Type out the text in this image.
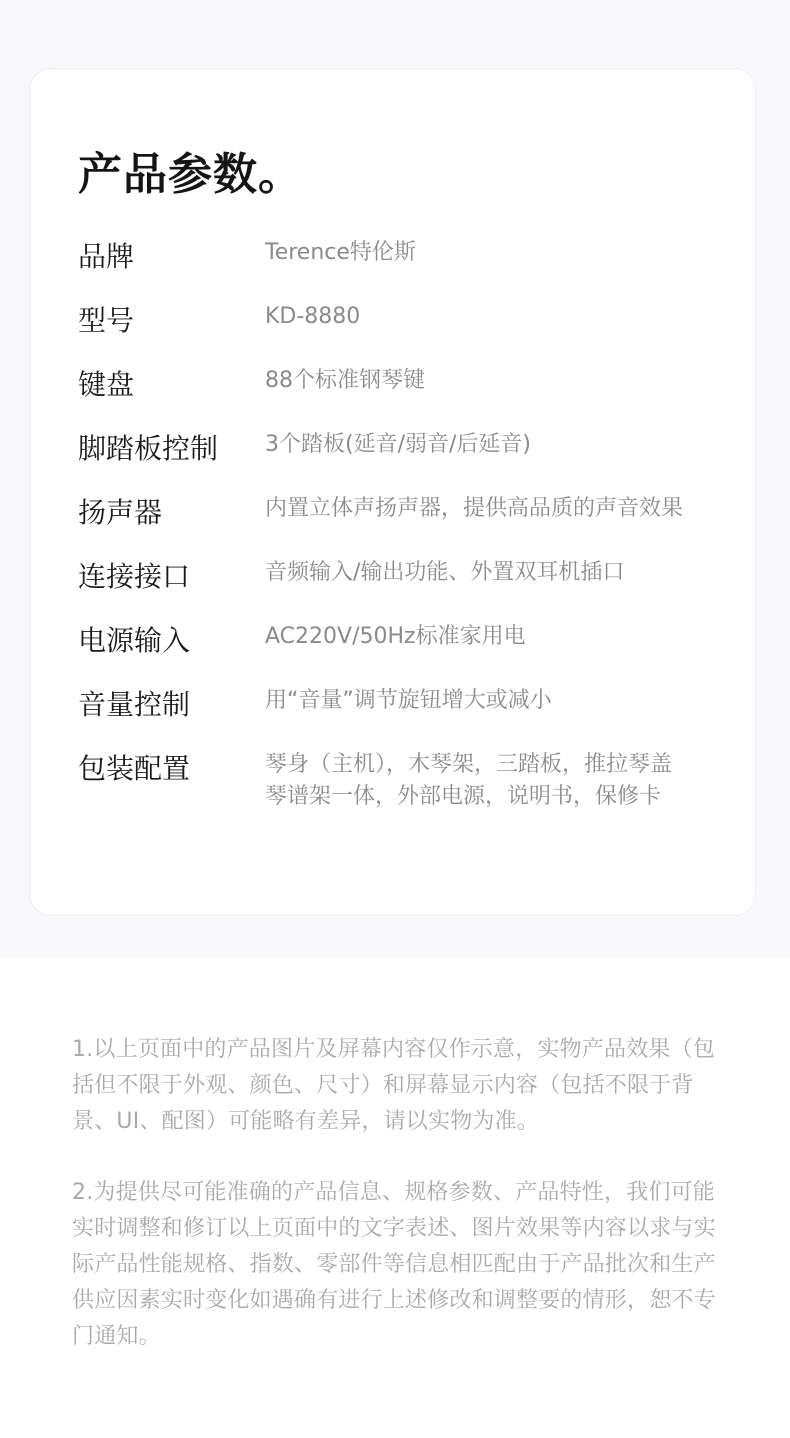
产品参数。
品牌	Terence特伦斯
型号	KD-8880
键盘	88个标准钢琴键
脚踏板控制 3个踏板(延音/弱音/后延音)
扬声器	内置立体声扬声器，提供高品质的声音效果
连接接口	音频输入/输出功能、外置双耳机插口
电源输入	AC220V/50Hz标准家用电
音量控制	用“音量”调节旋钮增大或减小
包装配置	琴身（主机），木琴架，三踏板，推拉琴盖
琴谱架一体，外部电源，说明书，保修卡

1.以上页面中的产品图片及屏幕内容仅作示意，实物产品效果（包括但不限于外观、颜色、尺寸）和屏幕显示内容（包括不限于背景、UI、配图）可能略有差异，请以实物为准。

2.为提供尽可能准确的产品信息、规格参数、产品特性，我们可能实时调整和修订以上页面中的文字表述、图片效果等内容以求与实际产品性能规格、指数、零部件等信息相匹配由于产品批次和生产供应因素实时变化如遇确有进行上述修改和调整要的情形，恕不专门通知。
